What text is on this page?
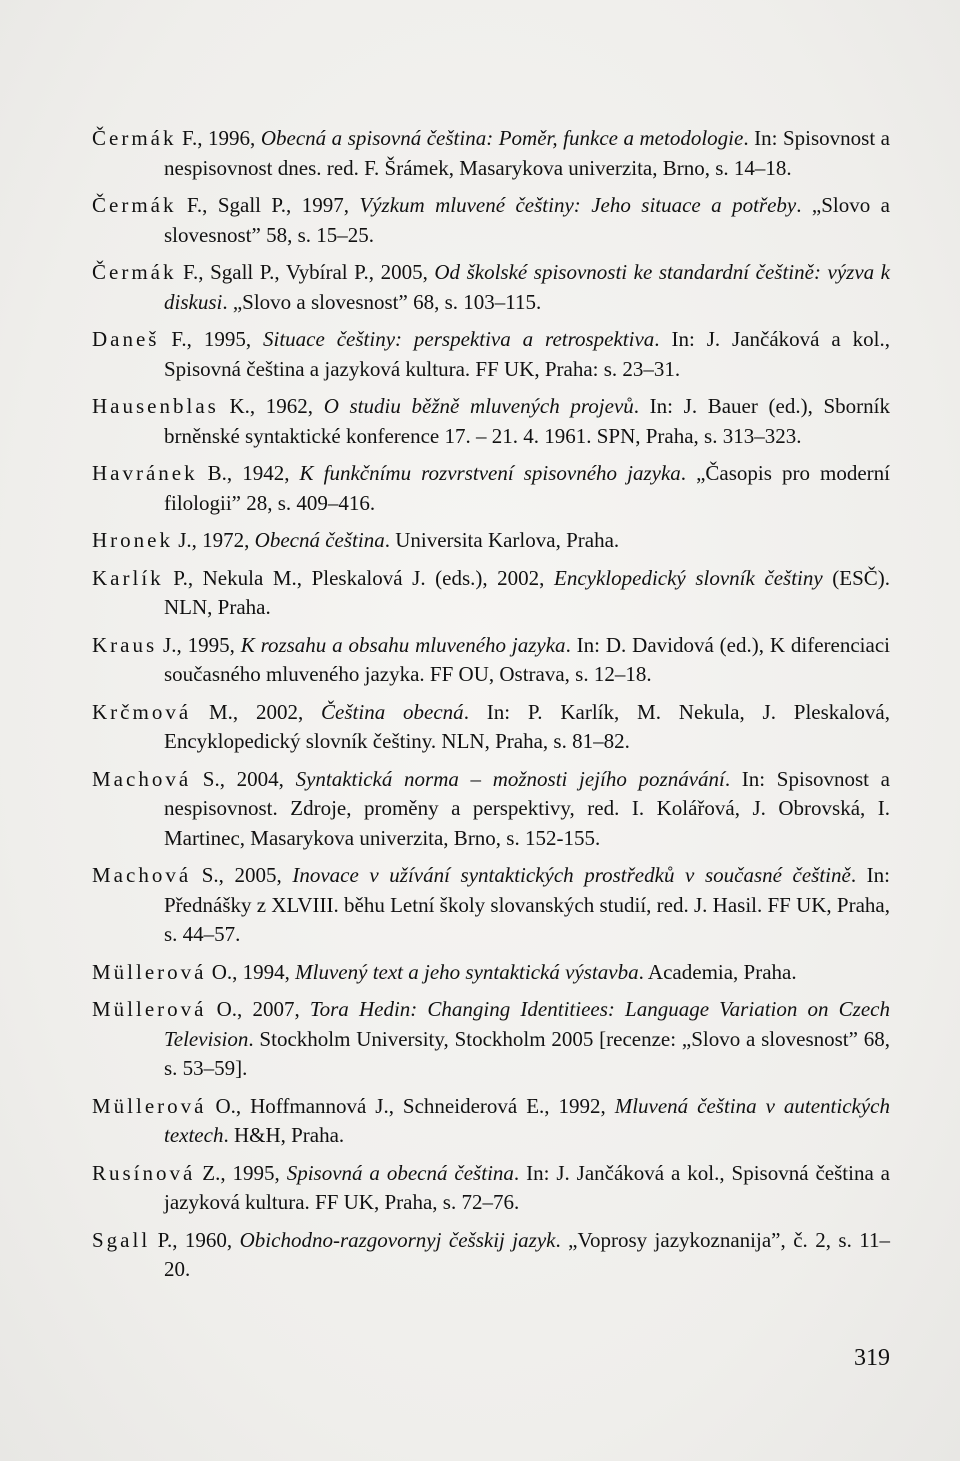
Čermák F., 1996, Obecná a spisovná čeština: Poměr, funkce a metodologie. In: Spisovnost a nespisovnost dnes. red. F. Šrámek, Masarykova univerzita, Brno, s. 14–18.
Čermák F., Sgall P., 1997, Výzkum mluvené češtiny: Jeho situace a potřeby. „Slovo a slovesnost” 58, s. 15–25.
Čermák F., Sgall P., Vybíral P., 2005, Od školské spisovnosti ke standardní češtině: výzva k diskusi. „Slovo a slovesnost” 68, s. 103–115.
Daneš F., 1995, Situace češtiny: perspektiva a retrospektiva. In: J. Jančáková a kol., Spisovná čeština a jazyková kultura. FF UK, Praha: s. 23–31.
Hausenblas K., 1962, O studiu běžně mluvených projevů. In: J. Bauer (ed.), Sborník brněnské syntaktické konference 17. – 21. 4. 1961. SPN, Praha, s. 313–323.
Havránek B., 1942, K funkčnímu rozvrstvení spisovného jazyka. „Časopis pro moderní filologii” 28, s. 409–416.
Hronek J., 1972, Obecná čeština. Universita Karlova, Praha.
Karlík P., Nekula M., Pleskalová J. (eds.), 2002, Encyklopedický slovník češtiny (ESČ). NLN, Praha.
Kraus J., 1995, K rozsahu a obsahu mluveného jazyka. In: D. Davidová (ed.), K diferenciaci současného mluveného jazyka. FF OU, Ostrava, s. 12–18.
Krčmová M., 2002, Čeština obecná. In: P. Karlík, M. Nekula, J. Pleskalová, Encyklopedický slovník češtiny. NLN, Praha, s. 81–82.
Machová S., 2004, Syntaktická norma – možnosti jejího poznávání. In: Spisovnost a nespisovnost. Zdroje, proměny a perspektivy, red. I. Kolářová, J. Obrovská, I. Martinec, Masarykova univerzita, Brno, s. 152-155.
Machová S., 2005, Inovace v užívání syntaktických prostředků v současné češtině. In: Přednášky z XLVIII. běhu Letní školy slovanských studií, red. J. Hasil. FF UK, Praha, s. 44–57.
Müllerová O., 1994, Mluvený text a jeho syntaktická výstavba. Academia, Praha.
Müllerová O., 2007, Tora Hedin: Changing Identitiees: Language Variation on Czech Television. Stockholm University, Stockholm 2005 [recenze: „Slovo a slovesnost” 68, s. 53–59].
Müllerová O., Hoffmannová J., Schneiderová E., 1992, Mluvená čeština v autentických textech. H&H, Praha.
Rusínová Z., 1995, Spisovná a obecná čeština. In: J. Jančáková a kol., Spisovná čeština a jazyková kultura. FF UK, Praha, s. 72–76.
Sgall P., 1960, Obichodno-razgovornyj češskij jazyk. „Voprosy jazykoznanija”, č. 2, s. 11–20.
319
